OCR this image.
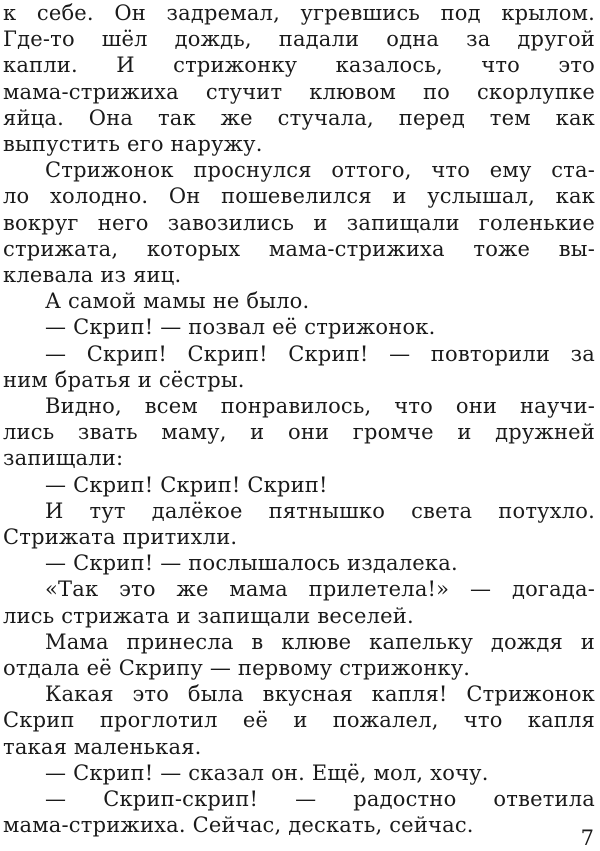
к себе. Он задремал, угревшись под крылом.
Где-то шёл дождь, падали одна за другой
капли. И стрижонку казалось, что это
мама-стрижиха стучит клювом по скорлупке
яйца. Она так же стучала, перед тем как
выпустить его наружу.
Стрижонок проснулся оттого, что ему ста-
ло холодно. Он пошевелился и услышал, как
вокруг него завозились и запищали голенькие
стрижата, которых мама-стрижиха тоже вы-
клевала из яиц.
А самой мамы не было.
— Скрип! — позвал её стрижонок.
— Скрип! Скрип! Скрип! — повторили за
ним братья и сёстры.
Видно, всем понравилось, что они научи-
лись звать маму, и они громче и дружней
запищали:
— Скрип! Скрип! Скрип!
И тут далёкое пятнышко света потухло.
Стрижата притихли.
— Скрип! — послышалось издалека.
«Так это же мама прилетела!» — догада-
лись стрижата и запищали веселей.
Мама принесла в клюве капельку дождя и
отдала её Скрипу — первому стрижонку.
Какая это была вкусная капля! Стрижонок
Скрип проглотил её и пожалел, что капля
такая маленькая.
— Скрип! — сказал он. Ещё, мол, хочу.
— Скрип-скрип! — радостно ответила
мама-стрижиха. Сейчас, дескать, сейчас.
7
